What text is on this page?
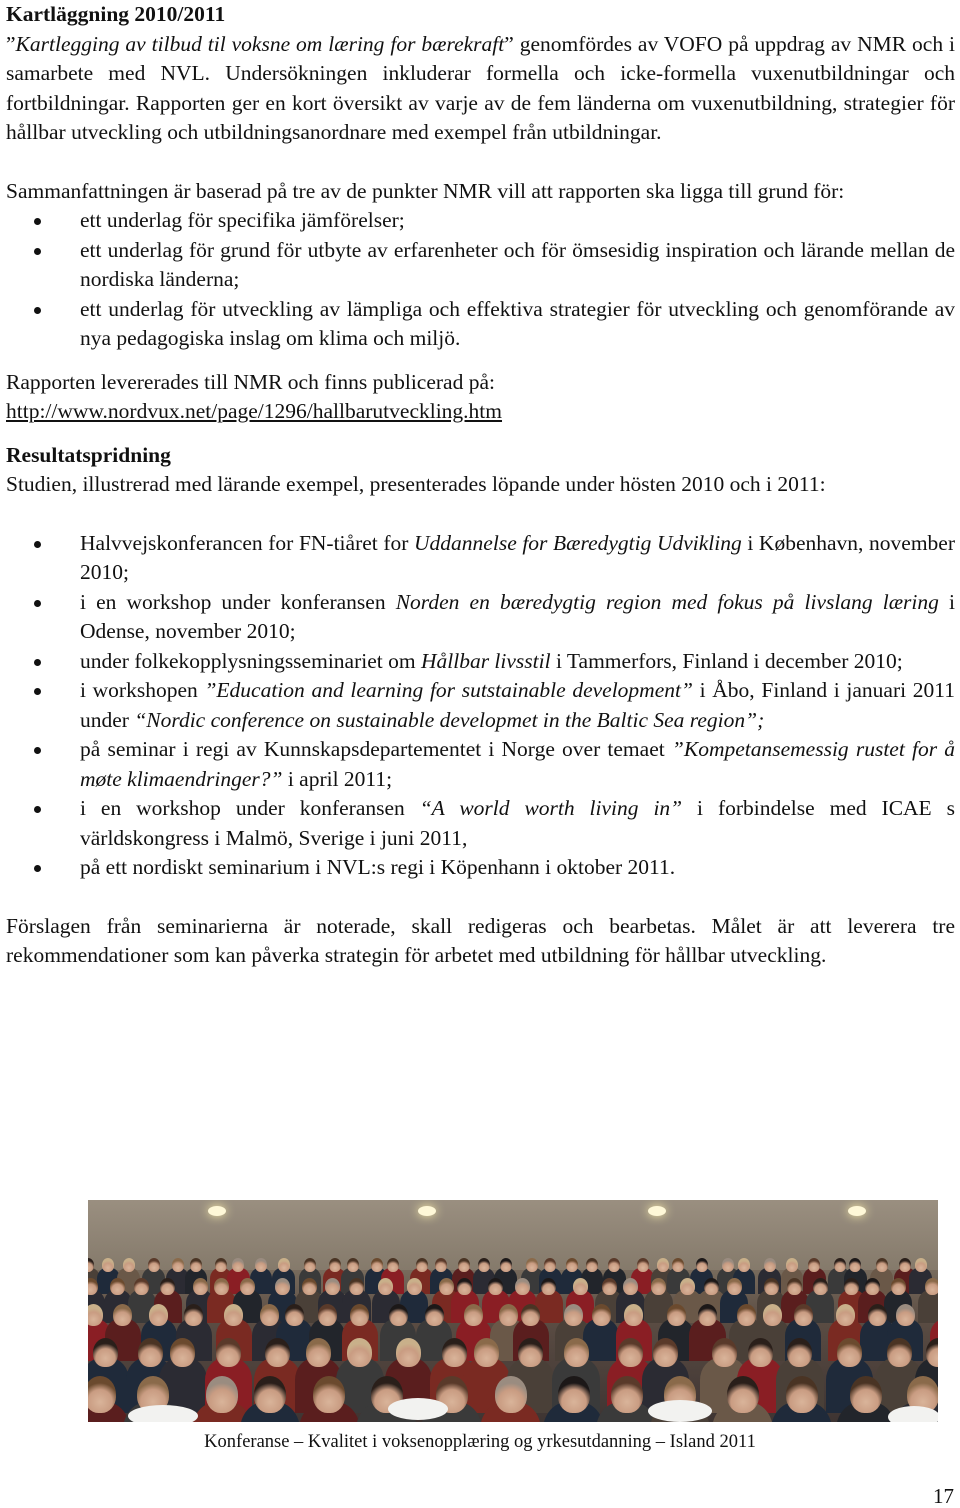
Kartläggning 2010/2011

”Kartlegging av tilbud til voksne om læring for bærekraft” genomfördes av VOFO på uppdrag av NMR och i samarbete med NVL. Undersökningen inkluderar formella och icke-formella vuxenutbildningar och fortbildningar. Rapporten ger en kort översikt av varje av de fem länderna om vuxenutbildning, strategier för hållbar utveckling och utbildningsanordnare med exempel från utbildningar.

Sammanfattningen är baserad på tre av de punkter NMR vill att rapporten ska ligga till grund för:

ett underlag för specifika jämförelser;
ett underlag för grund för utbyte av erfarenheter och för ömsesidig inspiration och lärande mellan de nordiska länderna;
ett underlag för utveckling av lämpliga och effektiva strategier för utveckling och genomförande av nya pedagogiska inslag om klima och miljö.

Rapporten levererades till NMR och finns publicerad på:

http://www.nordvux.net/page/1296/hallbarutveckling.htm

Resultatspridning

Studien, illustrerad med lärande exempel, presenterades löpande under hösten 2010 och i 2011:

Halvvejskonferancen for FN-tiåret for Uddannelse for Bæredygtig Udvikling i København, november 2010;
i en workshop under konferansen Norden en bæredygtig region med fokus på livslang læring i Odense, november 2010;
under folkekopplysningsseminariet om Hållbar livsstil i Tammerfors, Finland i december 2010;
i workshopen ”Education and learning for sutstainable development” i Åbo, Finland i januari 2011 under “Nordic conference on sustainable developmet in the Baltic Sea region”;
på seminar i regi av Kunnskapsdepartementet i Norge over temaet ”Kompetansemessig rustet for å møte klimaendringer?” i april 2011;
i en workshop under konferansen “A world worth living in” i forbindelse med ICAE s världskongress i Malmö, Sverige i juni 2011,
på ett nordiskt seminarium i NVL:s regi i Köpenhann i oktober 2011.

Förslagen från seminarierna är noterade, skall redigeras och bearbetas. Målet är att leverera tre rekommendationer som kan påverka strategin för arbetet med utbildning för hållbar utveckling.

Konferanse – Kvalitet i voksenopplæring og yrkesutdanning – Island 2011
17
